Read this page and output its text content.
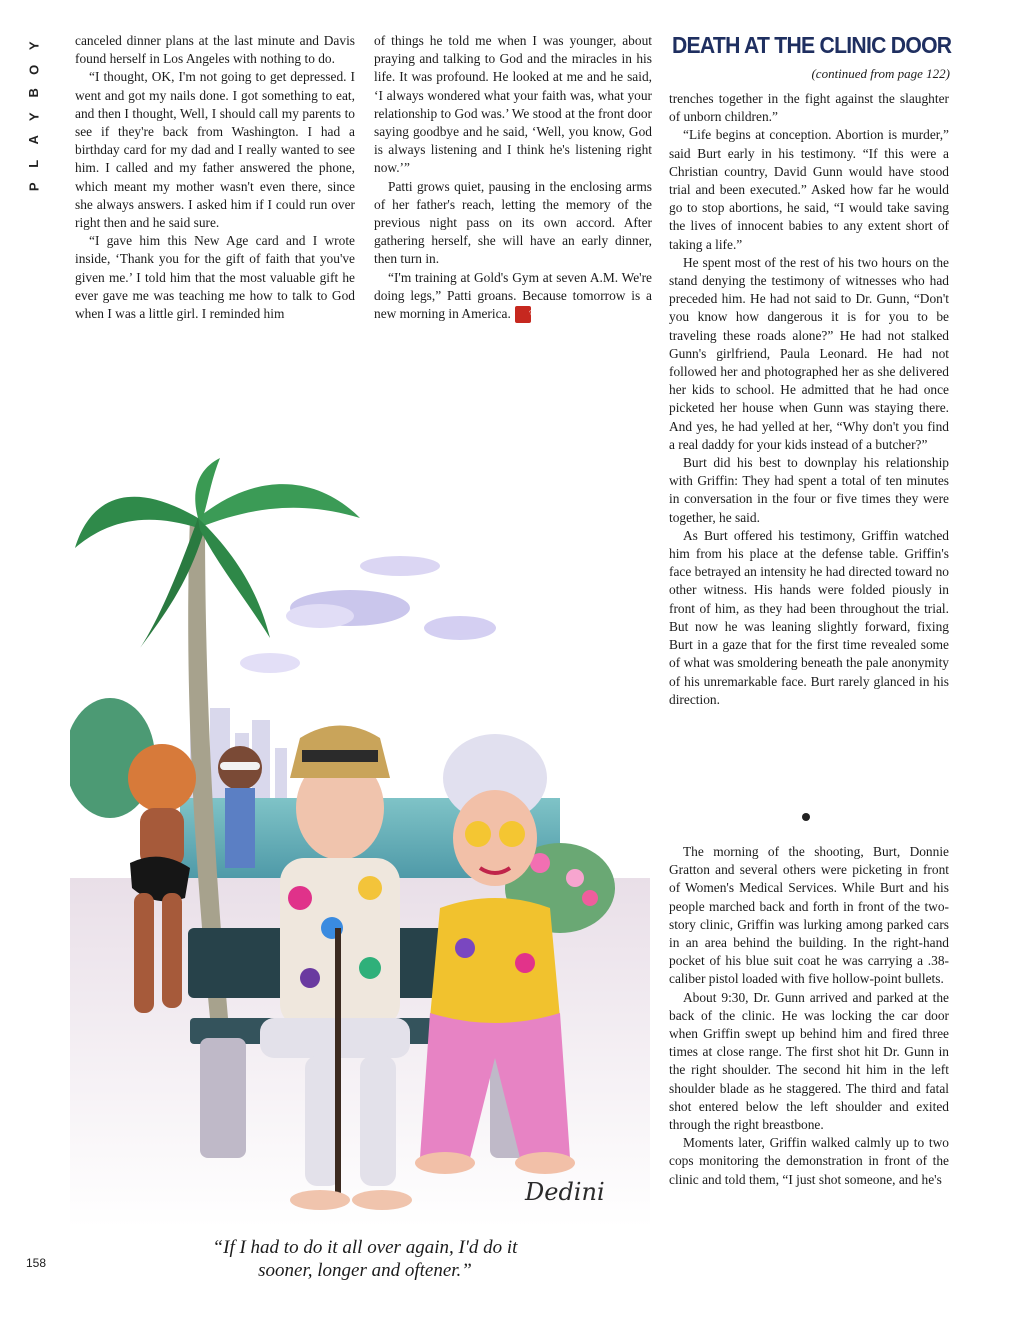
Y
O
B
Y
A
L
P

canceled dinner plans at the last minute and Davis found herself in Los Angeles with nothing to do.

“I thought, OK, I'm not going to get depressed. I went and got my nails done. I got something to eat, and then I thought, Well, I should call my parents to see if they're back from Washington. I had a birthday card for my dad and I really wanted to see him. I called and my father answered the phone, which meant my mother wasn't even there, since she always answers. I asked him if I could run over right then and he said sure.

“I gave him this New Age card and I wrote inside, ‘Thank you for the gift of faith that you've given me.’ I told him that the most valuable gift he ever gave me was teaching me how to talk to God when I was a little girl. I reminded him

of things he told me when I was younger, about praying and talking to God and the miracles in his life. It was profound. He looked at me and he said, ‘I always wondered what your faith was, what your relationship to God was.’ We stood at the front door saying goodbye and he said, ‘Well, you know, God is always listening and I think he's listening right now.’”

Patti grows quiet, pausing in the enclosing arms of her father's reach, letting the memory of the previous night pass on its own accord. After gathering herself, she will have an early dinner, then turn in.

“I'm training at Gold's Gym at seven A.M. We're doing legs,” Patti groans. Because tomorrow is a new morning in America. ❦

DEATH AT THE CLINIC DOOR
(continued from page 122)

trenches together in the fight against the slaughter of unborn children.”

“Life begins at conception. Abortion is murder,” said Burt early in his testimony. “If this were a Christian country, David Gunn would have stood trial and been executed.” Asked how far he would go to stop abortions, he said, “I would take saving the lives of innocent babies to any extent short of taking a life.”

He spent most of the rest of his two hours on the stand denying the testimony of witnesses who had preceded him. He had not said to Dr. Gunn, “Don't you know how dangerous it is for you to be traveling these roads alone?” He had not stalked Gunn's girlfriend, Paula Leonard. He had not followed her and photographed her as she delivered her kids to school. He admitted that he had once picketed her house when Gunn was staying there. And yes, he had yelled at her, “Why don't you find a real daddy for your kids instead of a butcher?”

Burt did his best to downplay his relationship with Griffin: They had spent a total of ten minutes in conversation in the four or five times they were together, he said.

As Burt offered his testimony, Griffin watched him from his place at the defense table. Griffin's face betrayed an intensity he had directed toward no other witness. His hands were folded piously in front of him, as they had been throughout the trial. But now he was leaning slightly forward, fixing Burt in a gaze that for the first time revealed some of what was smoldering beneath the pale anonymity of his unremarkable face. Burt rarely glanced in his direction.

The morning of the shooting, Burt, Donnie Gratton and several others were picketing in front of Women's Medical Services. While Burt and his people marched back and forth in front of the two-story clinic, Griffin was lurking among parked cars in an area behind the building. In the right-hand pocket of his blue suit coat he was carrying a .38-caliber pistol loaded with five hollow-point bullets.

About 9:30, Dr. Gunn arrived and parked at the back of the clinic. He was locking the car door when Griffin swept up behind him and fired three times at close range. The first shot hit Dr. Gunn in the right shoulder. The second hit him in the left shoulder blade as he staggered. The third and fatal shot entered below the left shoulder and exited through the right breastbone.

Moments later, Griffin walked calmly up to two cops monitoring the demonstration in front of the clinic and told them, “I just shot someone, and he's

Dedini
“If I had to do it all over again, I'd do it
sooner, longer and oftener.”
158
